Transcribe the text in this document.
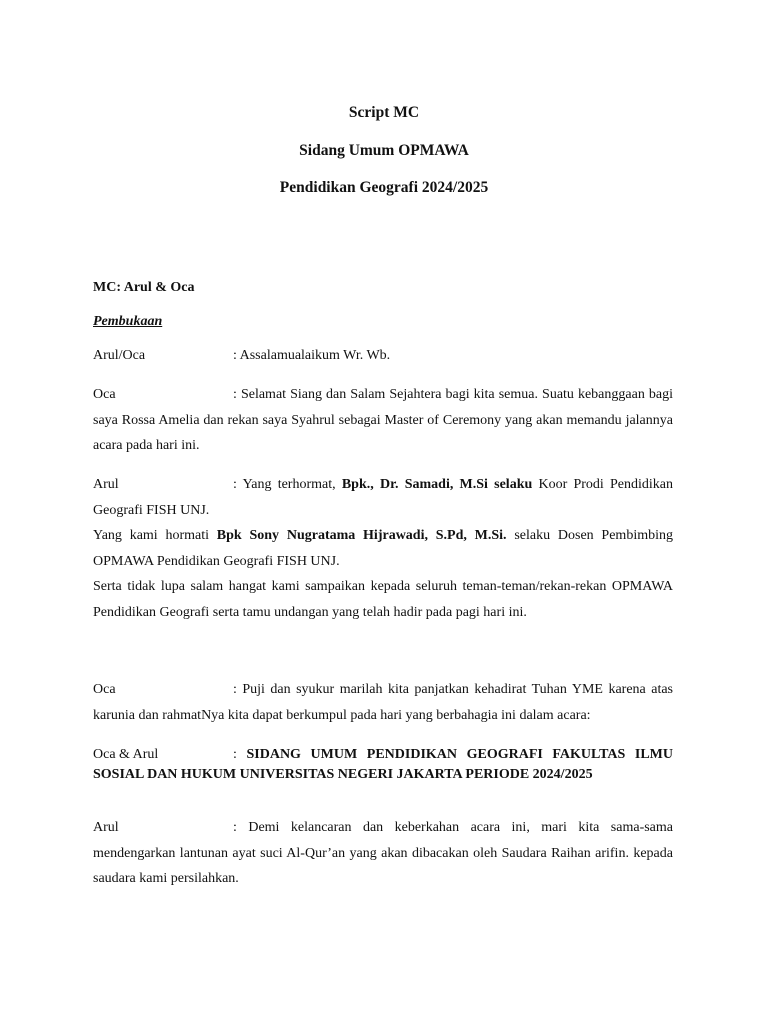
Script MC
Sidang Umum OPMAWA
Pendidikan Geografi 2024/2025
MC: Arul & Oca
Pembukaan
Arul/Oca	: Assalamualaikum Wr. Wb.
Oca	: Selamat Siang dan Salam Sejahtera bagi kita semua. Suatu kebanggaan bagi saya Rossa Amelia dan rekan saya Syahrul sebagai Master of Ceremony yang akan memandu jalannya acara pada hari ini.
Arul	: Yang terhormat, Bpk., Dr. Samadi, M.Si selaku Koor Prodi Pendidikan Geografi FISH UNJ.
Yang kami hormati Bpk Sony Nugratama Hijrawadi, S.Pd, M.Si. selaku Dosen Pembimbing OPMAWA Pendidikan Geografi FISH UNJ.
Serta tidak lupa salam hangat kami sampaikan kepada seluruh teman-teman/rekan-rekan OPMAWA Pendidikan Geografi serta tamu undangan yang telah hadir pada pagi hari ini.
Oca	: Puji dan syukur marilah kita panjatkan kehadirat Tuhan YME karena atas karunia dan rahmatNya kita dapat berkumpul pada hari yang berbahagia ini dalam acara:
Oca & Arul	: SIDANG UMUM PENDIDIKAN GEOGRAFI FAKULTAS ILMU SOSIAL DAN HUKUM UNIVERSITAS NEGERI JAKARTA PERIODE 2024/2025
Arul	: Demi kelancaran dan keberkahan acara ini, mari kita sama-sama mendengarkan lantunan ayat suci Al-Qur’an yang akan dibacakan oleh Saudara Raihan arifin. kepada saudara kami persilahkan.
